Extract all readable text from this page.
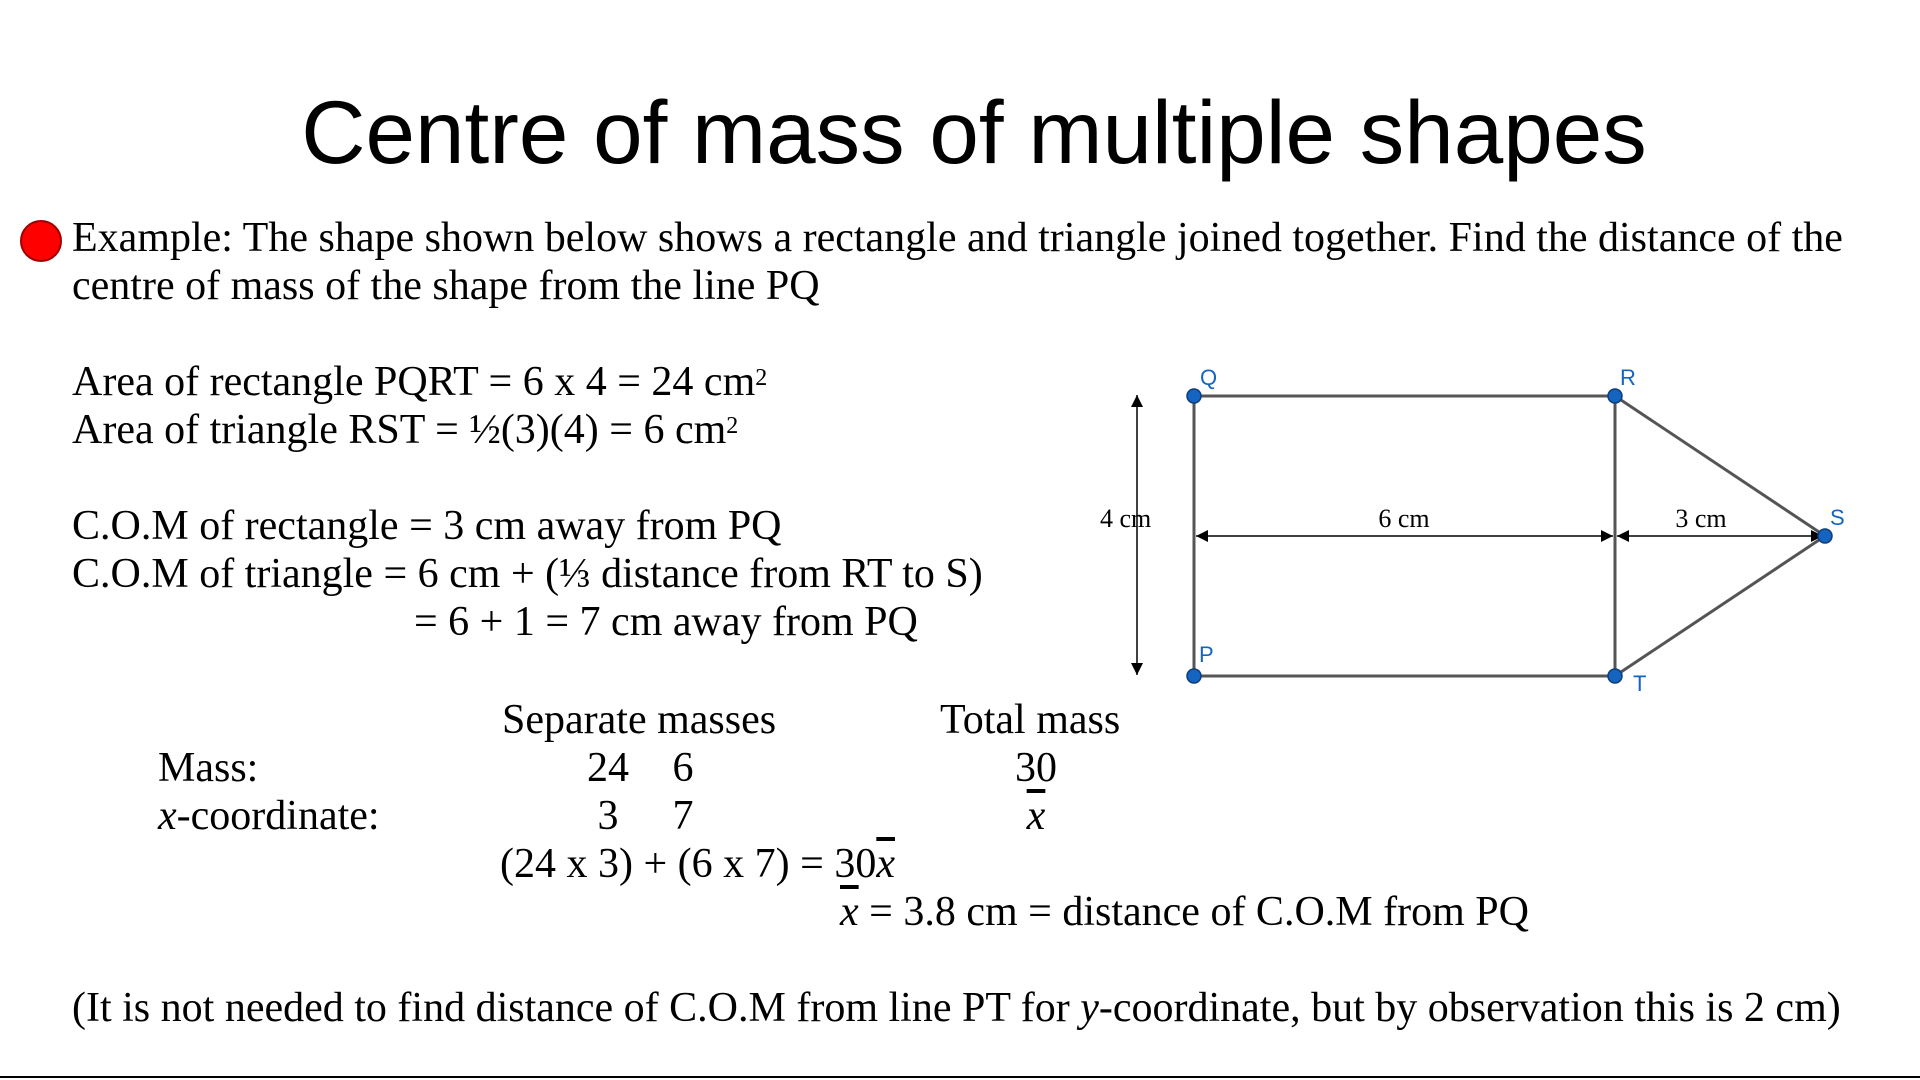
Centre of mass of multiple shapes
Example: The shape shown below shows a rectangle and triangle joined together. Find the distance of the
centre of mass of the shape from the line PQ
Area of rectangle PQRT = 6 x 4 = 24 $cm^2$
Area of triangle RST = ½(3)(4) = 6 $cm^2$
C.O.M of rectangle = 3 cm away from PQ
C.O.M of triangle = 6 cm + (⅓ distance from RT to S)
= 6 + 1 = 7 cm away from PQ
Separate masses	Total mass
Mass:	24 6	30
x-coordinate:	3	7	$\overline{x}$
(24 x 3) + (6 x $7) = 30\overline{x}$
$\overline{x} = 3.8$ cm = distance of C.O.M from PQ
(It is not needed to find distance of C.O.M from line PT for y-coordinate, but by observation this is 2 cm)
4 cm	6 cm	3 cm
Q	R
S
T
P
